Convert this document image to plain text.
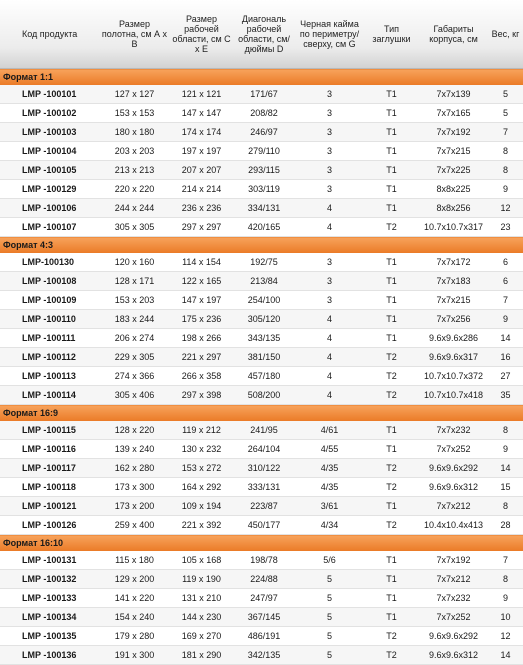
Код продукта	Размер полотна, см А х В	Размер рабочей области, см С х Е	Диагональ рабочей области, см/дюймы D	Черная кайма по периметру/ сверху, см G	Тип заглушки	Габариты корпуса, см	Вес, кг
Формат 1:1							
LMP -100101	127 x 127	121 x 121	171/67	3	T1	7x7x139	5
LMP -100102	153 x 153	147 x 147	208/82	3	T1	7x7x165	5
LMP -100103	180 x 180	174 x 174	246/97	3	T1	7x7x192	7
LMP -100104	203 x 203	197 x 197	279/110	3	T1	7x7x215	8
LMP -100105	213 x 213	207 x 207	293/115	3	T1	7x7x225	8
LMP -100129	220 x 220	214 x 214	303/119	3	T1	8x8x225	9
LMP -100106	244 x 244	236 x 236	334/131	4	T1	8x8x256	12
LMP -100107	305 x 305	297 x 297	420/165	4	T2	10.7x10.7x317	23
Формат 4:3							
LMP-100130	120 x 160	114 x 154	192/75	3	T1	7x7x172	6
LMP -100108	128 x 171	122 x 165	213/84	3	T1	7x7x183	6
LMP -100109	153 x 203	147 x 197	254/100	3	T1	7x7x215	7
LMP -100110	183 x 244	175 x 236	305/120	4	T1	7x7x256	9
LMP -100111	206 x 274	198 x 266	343/135	4	T1	9.6x9.6x286	14
LMP -100112	229 x 305	221 x 297	381/150	4	T2	9.6x9.6x317	16
LMP -100113	274 x 366	266 x 358	457/180	4	T2	10.7x10.7x372	27
LMP -100114	305 x 406	297 x 398	508/200	4	T2	10.7x10.7x418	35
Формат 16:9							
LMP -100115	128 x 220	119 x 212	241/95	4/61	T1	7x7x232	8
LMP -100116	139 x 240	130 x 232	264/104	4/55	T1	7x7x252	9
LMP -100117	162 x 280	153 x 272	310/122	4/35	T2	9.6x9.6x292	14
LMP -100118	173 x 300	164 x 292	333/131	4/35	T2	9.6x9.6x312	15
LMP -100121	173 x 200	109 x 194	223/87	3/61	T1	7x7x212	8
LMP -100126	259 x 400	221 x 392	450/177	4/34	T2	10.4x10.4x413	28
Формат 16:10							
LMP -100131	115 x 180	105 x 168	198/78	5/6	T1	7x7x192	7
LMP -100132	129 x 200	119 x 190	224/88	5	T1	7x7x212	8
LMP -100133	141 x 220	131 x 210	247/97	5	T1	7x7x232	9
LMP -100134	154 x 240	144 x 230	367/145	5	T1	7x7x252	10
LMP -100135	179 x 280	169 x 270	486/191	5	T2	9.6x9.6x292	12
LMP -100136	191 x 300	181 x 290	342/135	5	T2	9.6x9.6x312	14
